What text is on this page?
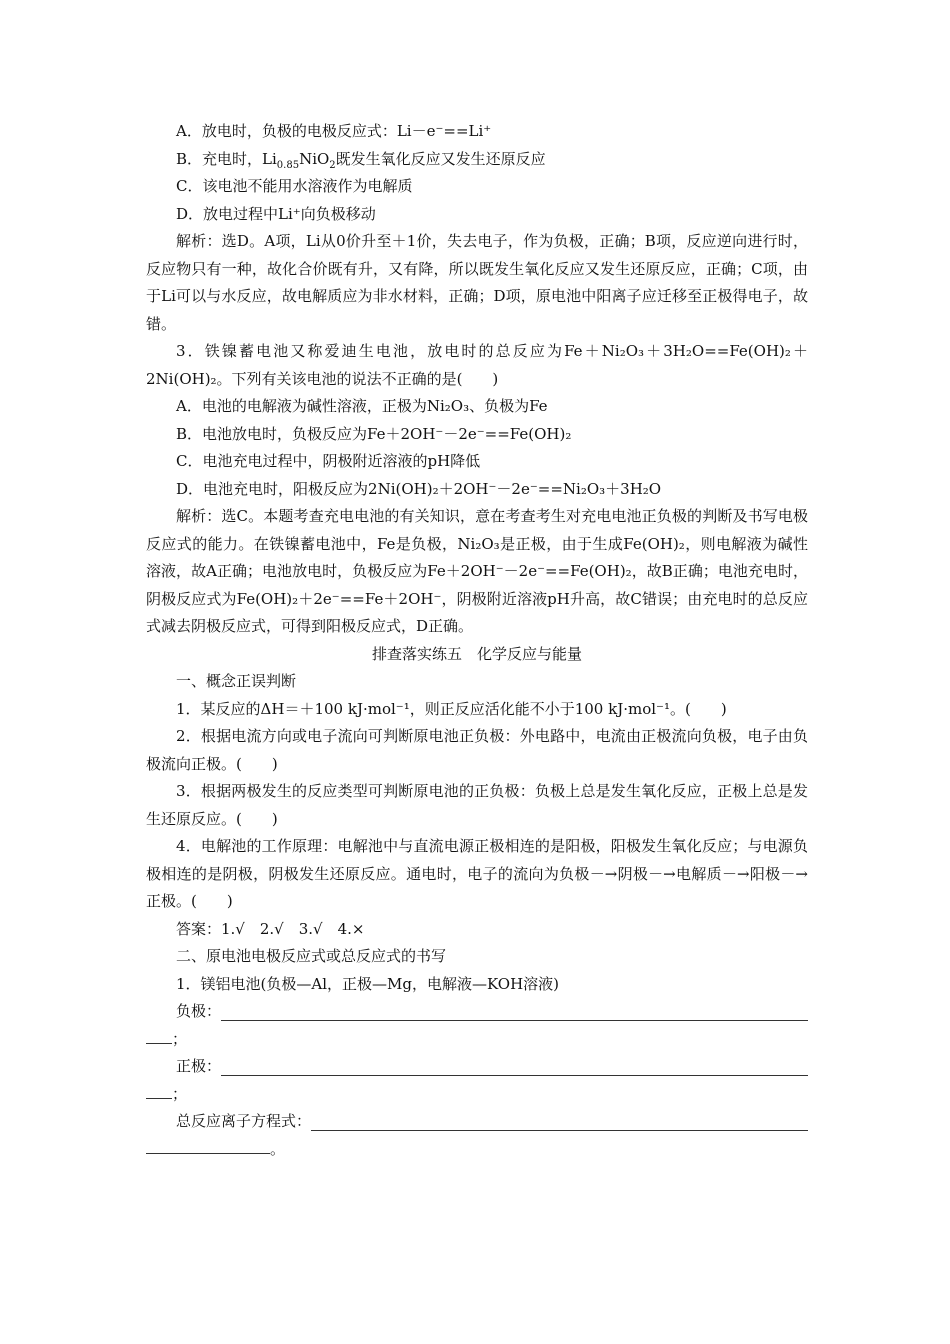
A．放电时，负极的电极反应式：Li－e⁻==Li⁺

B．充电时，$Li_{0.85}NiO_2$既发生氧化反应又发生还原反应

C．该电池不能用水溶液作为电解质

D．放电过程中Li⁺向负极移动

解析：选D。A项，Li从0价升至＋1价，失去电子，作为负极，正确；B项，反应逆向进行时，反应物只有一种，故化合价既有升，又有降，所以既发生氧化反应又发生还原反应，正确；C项，由于Li可以与水反应，故电解质应为非水材料，正确；D项，原电池中阳离子应迁移至正极得电子，故错。

3．铁镍蓄电池又称爱迪生电池，放电时的总反应为Fe＋Ni₂O₃＋3H₂O==Fe(OH)₂＋2Ni(OH)₂。下列有关该电池的说法不正确的是(　　)

A．电池的电解液为碱性溶液，正极为Ni₂O₃、负极为Fe

B．电池放电时，负极反应为Fe＋2OH⁻－2e⁻==Fe(OH)₂

C．电池充电过程中，阴极附近溶液的pH降低

D．电池充电时，阳极反应为2Ni(OH)₂＋2OH⁻－2e⁻==Ni₂O₃＋3H₂O

解析：选C。本题考查充电电池的有关知识，意在考查考生对充电电池正负极的判断及书写电极反应式的能力。在铁镍蓄电池中，Fe是负极，Ni₂O₃是正极，由于生成Fe(OH)₂，则电解液为碱性溶液，故A正确；电池放电时，负极反应为Fe＋2OH⁻－2e⁻==Fe(OH)₂，故B正确；电池充电时，阴极反应式为Fe(OH)₂＋2e⁻==Fe＋2OH⁻，阴极附近溶液pH升高，故C错误；由充电时的总反应式减去阴极反应式，可得到阳极反应式，D正确。

排查落实练五　化学反应与能量

一、概念正误判断

1．某反应的ΔH＝＋100 kJ·mol⁻¹，则正反应活化能不小于100 kJ·mol⁻¹。(　　)

2．根据电流方向或电子流向可判断原电池正负极：外电路中，电流由正极流向负极，电子由负极流向正极。(　　)

3．根据两极发生的反应类型可判断原电池的正负极：负极上总是发生氧化反应，正极上总是发生还原反应。(　　)

4．电解池的工作原理：电解池中与直流电源正极相连的是阳极，阳极发生氧化反应；与电源负极相连的是阴极，阴极发生还原反应。通电时，电子的流向为负极－→阴极－→电解质－→阳极－→正极。(　　)

答案：1.√　2.√　3.√　4.×

二、原电池电极反应式或总反应式的书写

1．镁铝电池(负极—Al，正极—Mg，电解液—KOH溶液)

负极：

；

正极：

；

总反应离子方程式：

。
